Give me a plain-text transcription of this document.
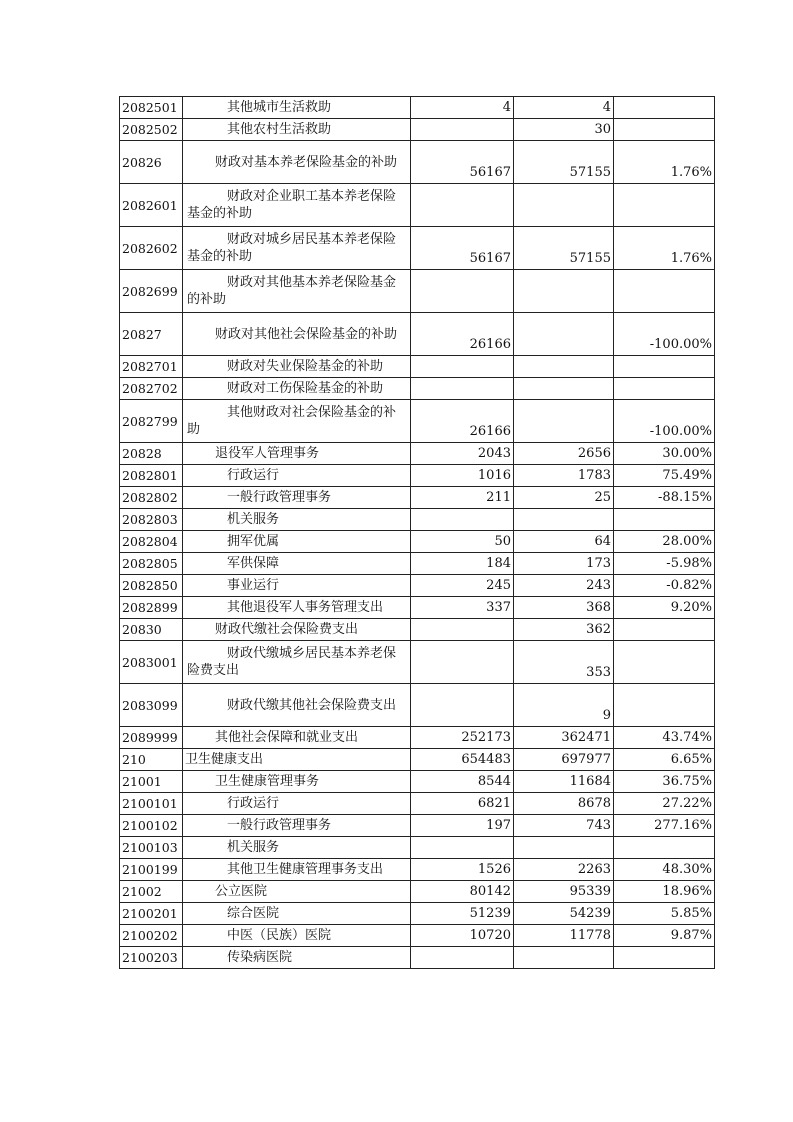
2082501	其他城市生活救助	4	4	
2082502	其他农村生活救助		30	
20826	财政对基本养老保险基金的补助	56167	57155	1.76%
2082601	财政对企业职工基本养老保险基金的补助			
2082602	财政对城乡居民基本养老保险基金的补助	56167	57155	1.76%
2082699	财政对其他基本养老保险基金的补助			
20827	财政对其他社会保险基金的补助	26166		-100.00%
2082701	财政对失业保险基金的补助			
2082702	财政对工伤保险基金的补助			
2082799	其他财政对社会保险基金的补助	26166		-100.00%
20828	退役军人管理事务	2043	2656	30.00%
2082801	行政运行	1016	1783	75.49%
2082802	一般行政管理事务	211	25	-88.15%
2082803	机关服务			
2082804	拥军优属	50	64	28.00%
2082805	军供保障	184	173	-5.98%
2082850	事业运行	245	243	-0.82%
2082899	其他退役军人事务管理支出	337	368	9.20%
20830	财政代缴社会保险费支出		362	
2083001	财政代缴城乡居民基本养老保险费支出		353	
2083099	财政代缴其他社会保险费支出		9	
2089999	其他社会保障和就业支出	252173	362471	43.74%
210	卫生健康支出	654483	697977	6.65%
21001	卫生健康管理事务	8544	11684	36.75%
2100101	行政运行	6821	8678	27.22%
2100102	一般行政管理事务	197	743	277.16%
2100103	机关服务			
2100199	其他卫生健康管理事务支出	1526	2263	48.30%
21002	公立医院	80142	95339	18.96%
2100201	综合医院	51239	54239	5.85%
2100202	中医（民族）医院	10720	11778	9.87%
2100203	传染病医院			
